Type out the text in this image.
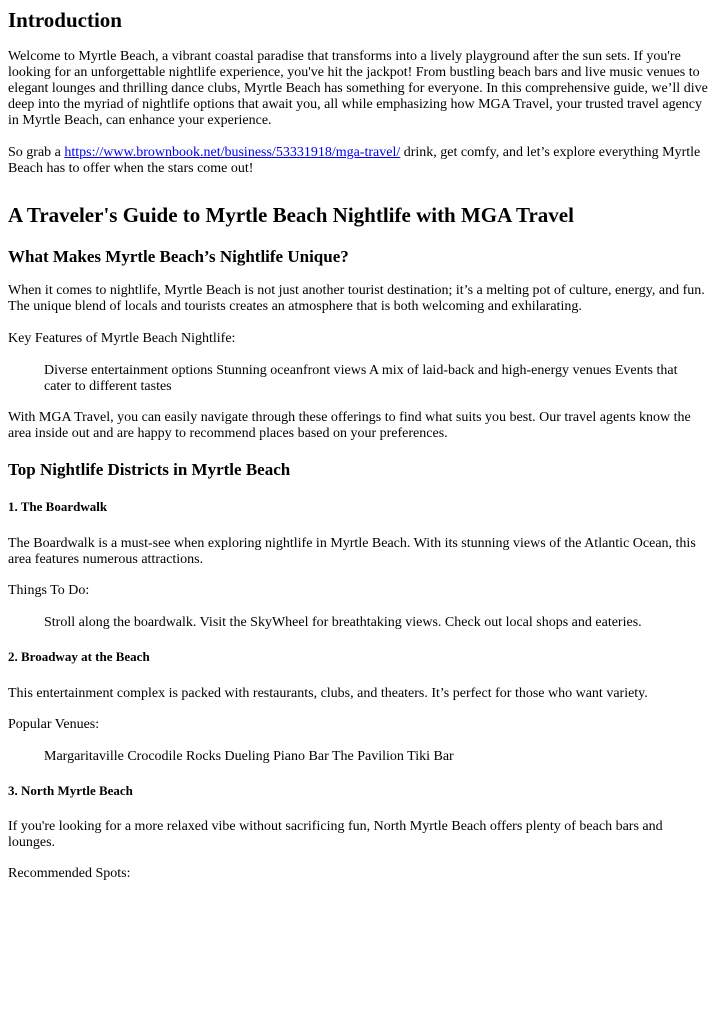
Introduction

Welcome to Myrtle Beach, a vibrant coastal paradise that transforms into a lively playground after the sun sets. If you're looking for an unforgettable nightlife experience, you've hit the jackpot! From bustling beach bars and live music venues to elegant lounges and thrilling dance clubs, Myrtle Beach has something for everyone. In this comprehensive guide, we’ll dive deep into the myriad of nightlife options that await you, all while emphasizing how MGA Travel, your trusted travel agency in Myrtle Beach, can enhance your experience.

So grab a https://www.brownbook.net/business/53331918/mga-travel/ drink, get comfy, and let’s explore everything Myrtle Beach has to offer when the stars come out!

A Traveler's Guide to Myrtle Beach Nightlife with MGA Travel
What Makes Myrtle Beach’s Nightlife Unique?

When it comes to nightlife, Myrtle Beach is not just another tourist destination; it’s a melting pot of culture, energy, and fun. The unique blend of locals and tourists creates an atmosphere that is both welcoming and exhilarating.

Key Features of Myrtle Beach Nightlife:

Diverse entertainment options Stunning oceanfront views A mix of laid-back and high-energy venues Events that cater to different tastes

With MGA Travel, you can easily navigate through these offerings to find what suits you best. Our travel agents know the area inside out and are happy to recommend places based on your preferences.

Top Nightlife Districts in Myrtle Beach
1. The Boardwalk

The Boardwalk is a must-see when exploring nightlife in Myrtle Beach. With its stunning views of the Atlantic Ocean, this area features numerous attractions.

Things To Do:

Stroll along the boardwalk. Visit the SkyWheel for breathtaking views. Check out local shops and eateries.
2. Broadway at the Beach

This entertainment complex is packed with restaurants, clubs, and theaters. It’s perfect for those who want variety.

Popular Venues:

Margaritaville Crocodile Rocks Dueling Piano Bar The Pavilion Tiki Bar
3. North Myrtle Beach

If you're looking for a more relaxed vibe without sacrificing fun, North Myrtle Beach offers plenty of beach bars and lounges.

Recommended Spots:
